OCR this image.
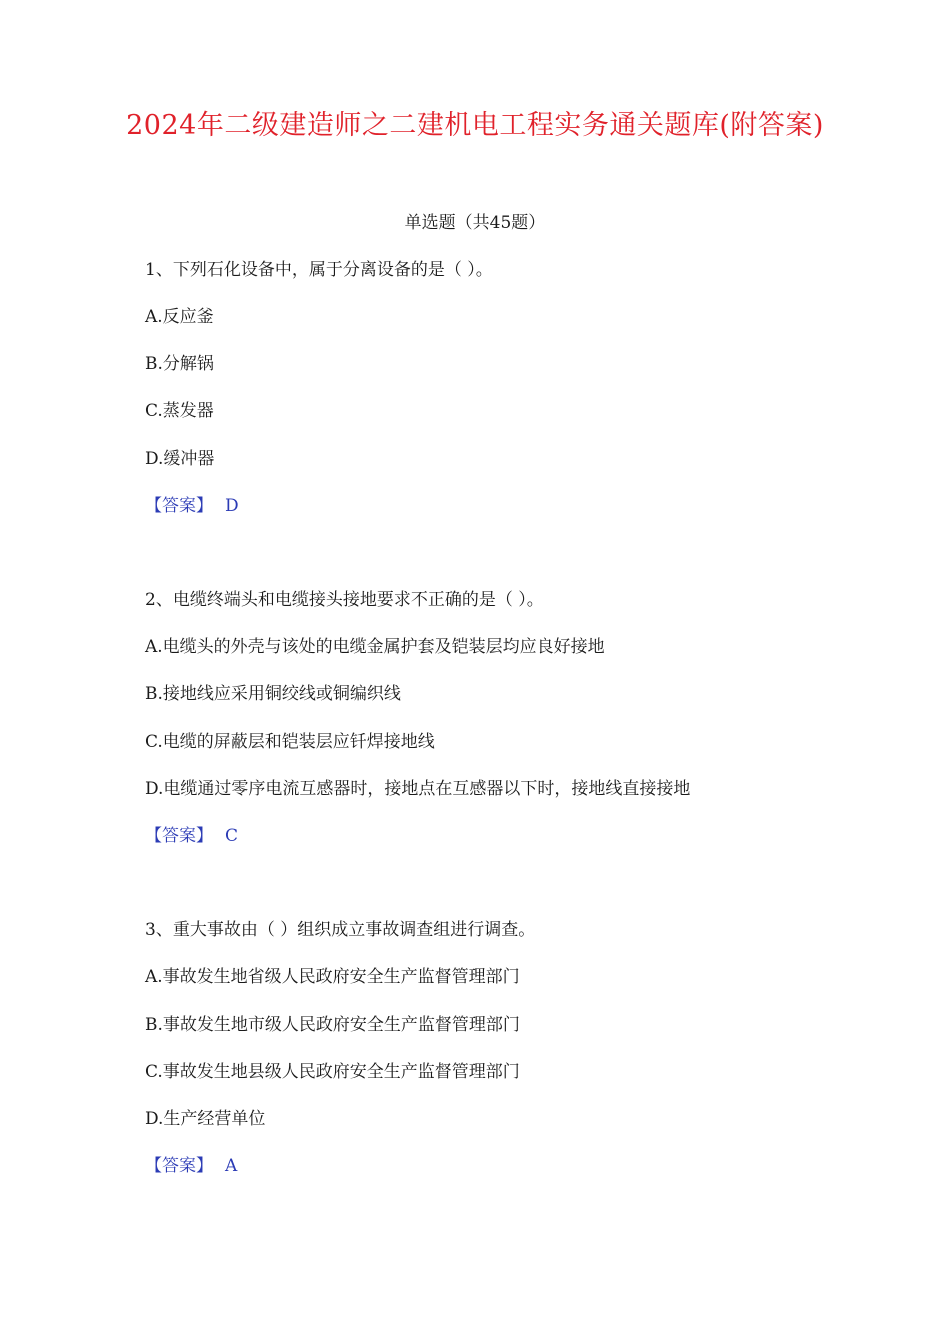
2024年二级建造师之二建机电工程实务通关题库(附答案)
单选题（共45题）
1、下列石化设备中，属于分离设备的是（ ）。
A.反应釜
B.分解锅
C.蒸发器
D.缓冲器
【答案】 D
2、电缆终端头和电缆接头接地要求不正确的是（ ）。
A.电缆头的外壳与该处的电缆金属护套及铠装层均应良好接地
B.接地线应采用铜绞线或铜编织线
C.电缆的屏蔽层和铠装层应钎焊接地线
D.电缆通过零序电流互感器时，接地点在互感器以下时，接地线直接接地
【答案】 C
3、重大事故由（ ）组织成立事故调查组进行调查。
A.事故发生地省级人民政府安全生产监督管理部门
B.事故发生地市级人民政府安全生产监督管理部门
C.事故发生地县级人民政府安全生产监督管理部门
D.生产经营单位
【答案】 A
